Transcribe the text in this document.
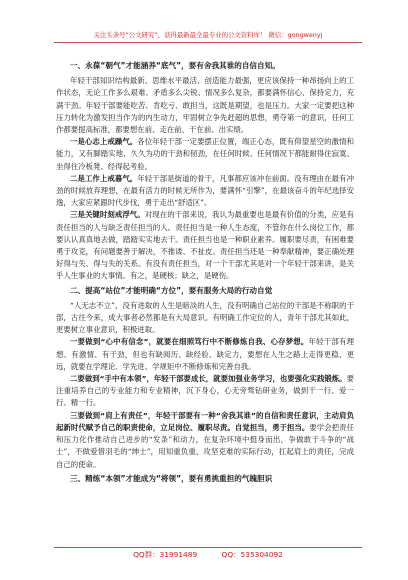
关注头条号“公文研究”，获得最新最全最专业的公文资料库！ 微信：gongwenyj
一、永葆“朝气”才能涵养“底气”，要有舍我其谁的自信自知。

年轻干部知识结构最新、思维水平最活、创造能力最强，更应该保持一种昂扬向上的工作状态，无论工作多么艰难、矛盾多么尖锐、情况多么复杂，都要满怀信心、保持定力，充满干劲。年轻干部要能吃苦、肯吃亏、敢担当，这既是期望，也是压力。大家一定要把这种压力转化为激发担当作为的内生动力，牢固树立争先赶超的思想，勇夺第一的意识，任何工作都要提高标准，都要想在前、走在前、干在前、出实绩。

一是心志上戒躁气。各位年轻干部一定要摆正位置，端正心态，既有仰望星空的激情和能力，又有脚踏实地、久久为功的干劲和韧劲，在任何时候、任何情况下都能耐得住寂寞、坐得住冷板凳、经得起考验。

二是工作上戒暮气。年轻干部是街道的骨干，凡事都应该冲在前面。没有理由在最有冲劲的时候放弃理想，在最有活力的时候无所作为，要满怀“引擎”，在最该奋斗的年纪选择安逸，大家应紧跟时代步伐，勇于走出“舒适区”。

三是关键时刻戒浮气。对现在的干部来说，我认为最重要也是最有价值的分类，应是有责任担当的人与缺乏责任担当的人。责任担当是一种人生态度，不管你在什么岗位工作，都要认认真真地去做，踏踏实实地去干。责任担当也是一种职业素养。履职要尽责，有困难要勇于攻克，有问题要善于解决，不推诿、不扯皮。责任担当还是一种奉献精神，要正确处理好得与失、得与失的关系。有没有责任担当，对一个干部尤其是对一个年轻干部来讲，是关乎人生事业的大事情。有之，是硬核；缺之，是硬伤。

二、提高“站位”才能明确“方位”，要有服务大局的行动自觉

“人无志不立”，没有进取的人生是暗淡的人生，没有明确自己站位的干部是不称职的干部，古往今来，成大事者必然都是有大局意识。有明确工作定位的人，青年干部尤其如此，更要树立事业意识，积极进取。

一要做到“心中有信念”，就要在细照笃行中不断修炼自我、心存梦想。年轻干部有理想、有激情、有干劲，但也有缺阅历、缺经验、缺定力，要想在人生之路上走得更稳、更远，就要在学理论、学先进、学规矩中不断修炼和完善自我。

二要做到“手中有本领”，年轻干部要成长，就要加强业务学习，也要强化实践锻炼。要注重培养自己的专业能力和专业精神，沉下身心，心无旁骛钻研业务，做到干一行、爱一行、精一行。

三要做到“肩上有责任”，年轻干部要有一种“舍我其谁”的自信和责任意识，主动肩负起新时代赋予自己的职责使命，立足岗位、履职尽责。自觉担当，勇于担当。要学会把责任和压力化作推动自己进步的“发条”和动力，在复杂环境中挺身而出，争做敢于斗争的“战士”，不做爱惜羽毛的“绅士”，用知重负重、攻坚克难的实际行动，扛起肩上的责任，完成自己的使命。

三、精练“本领”才能成为“将领”，要有勇挑重担的气魄胆识
QQ群：31991489	QQ：535304092
